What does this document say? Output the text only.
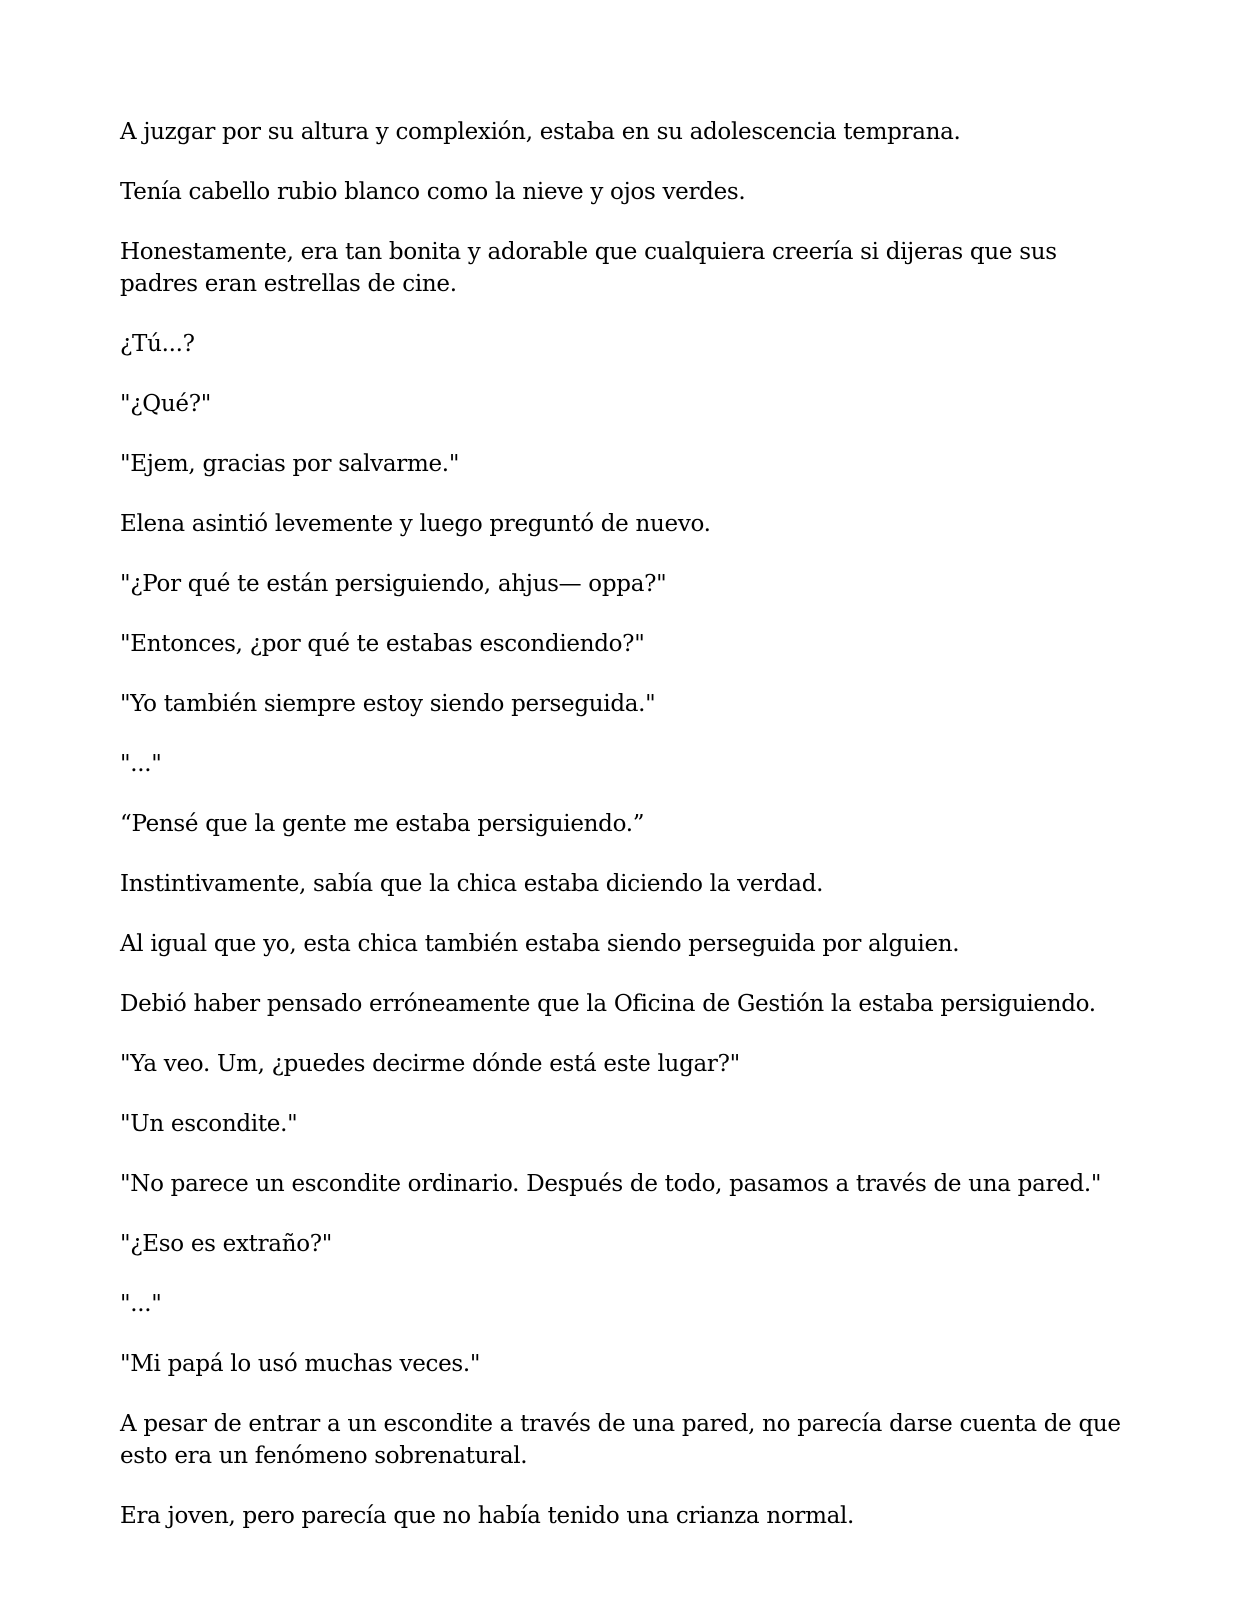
A juzgar por su altura y complexión, estaba en su adolescencia temprana.

Tenía cabello rubio blanco como la nieve y ojos verdes.

Honestamente, era tan bonita y adorable que cualquiera creería si dijeras que sus padres eran estrellas de cine.

¿Tú...?

"¿Qué?"

"Ejem, gracias por salvarme."

Elena asintió levemente y luego preguntó de nuevo.

"¿Por qué te están persiguiendo, ahjus— oppa?"

"Entonces, ¿por qué te estabas escondiendo?"

"Yo también siempre estoy siendo perseguida."

"..."

“Pensé que la gente me estaba persiguiendo.”

Instintivamente, sabía que la chica estaba diciendo la verdad.

Al igual que yo, esta chica también estaba siendo perseguida por alguien.

Debió haber pensado erróneamente que la Oficina de Gestión la estaba persiguiendo.

"Ya veo. Um, ¿puedes decirme dónde está este lugar?"

"Un escondite."

"No parece un escondite ordinario. Después de todo, pasamos a través de una pared."

"¿Eso es extraño?"

"..."

"Mi papá lo usó muchas veces."

A pesar de entrar a un escondite a través de una pared, no parecía darse cuenta de que esto era un fenómeno sobrenatural.

Era joven, pero parecía que no había tenido una crianza normal.
